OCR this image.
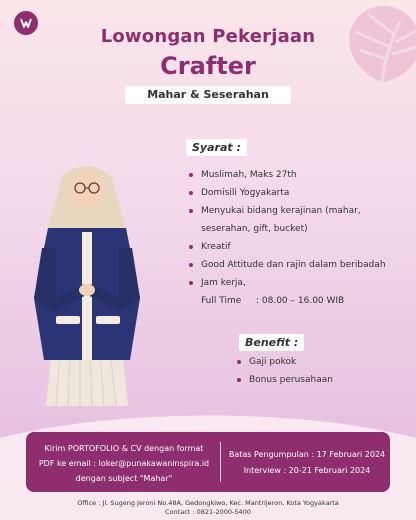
Lowongan Pekerjaan
Crafter
Mahar & Seserahan
Syarat :
Muslimah, Maks 27th
Domisili Yogyakarta
Menyukai bidang kerajinan (mahar,
seserahan, gift, bucket)
Kreatif
Good Attitude dan rajin dalam beribadah
Jam kerja,
Full Time : 08.00 – 16.00 WIB
Benefit :
Gaji pokok
Bonus perusahaan
Kirim PORTOFOLIO & CV dengan format
PDF ke email : loker@punakawaninspira.id
dengan subject "Mahar"
Batas Pengumpulan : 17 Februari 2024
Interview : 20-21 Februari 2024
Office : Jl. Sugeng Jeroni No.48A, Gedongkiwo, Kec. Mantrijeron, Kota Yogyakarta
Contact : 0821-2000-5400
